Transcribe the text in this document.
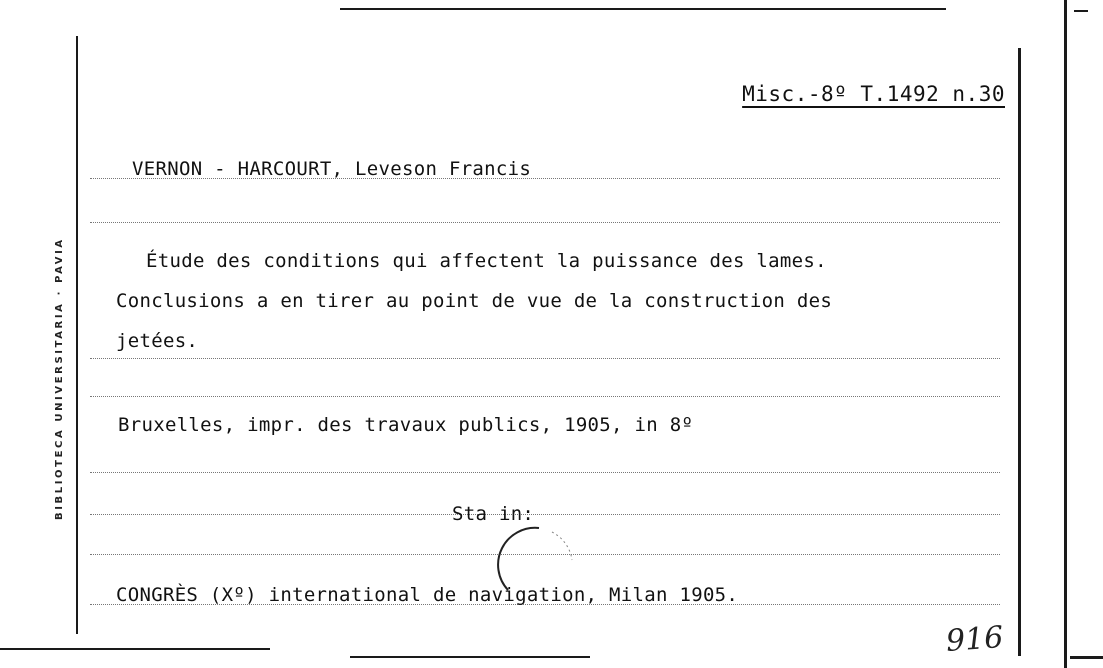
BIBLIOTECA UNIVERSITARIA · PAVIA
Misc.-8º T.1492 n.30
VERNON - HARCOURT, Leveson Francis
Étude des conditions qui affectent la puissance des lames.
Conclusions a en tirer au point de vue de la construction des
jetées.
Bruxelles, impr. des travaux publics, 1905, in 8º
Sta in:
CONGRÈS (Xº) international de navigation, Milan 1905.
916
